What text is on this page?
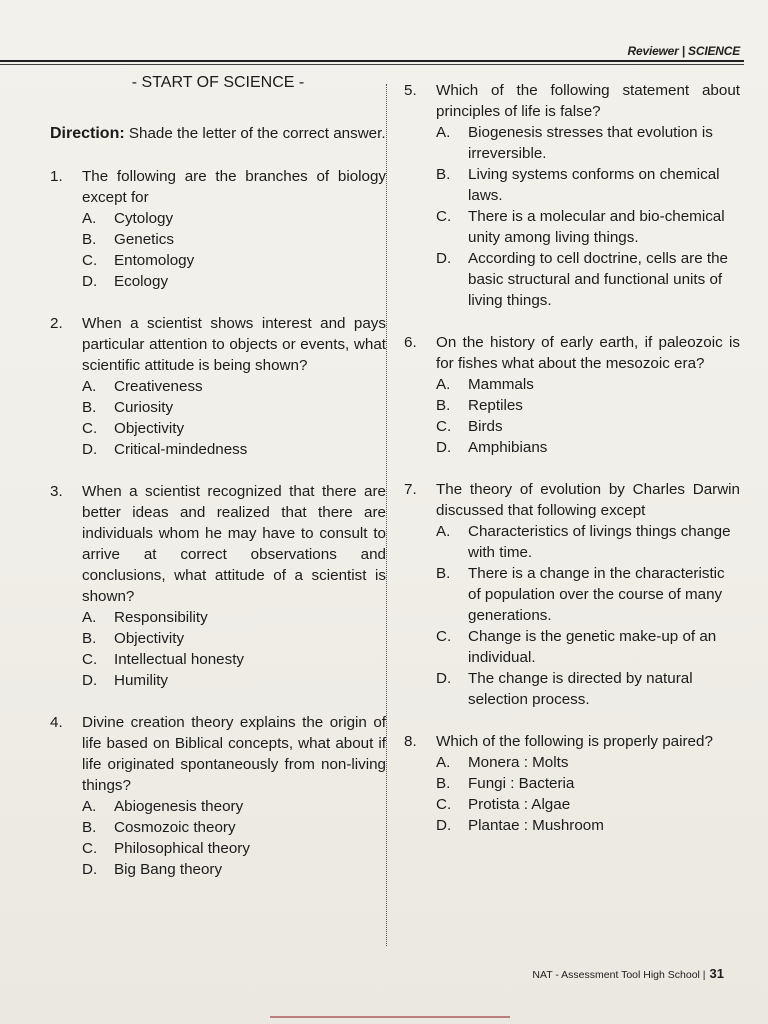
Reviewer | SCIENCE
- START OF SCIENCE -
Direction: Shade the letter of the correct answer.
1. The following are the branches of biology except for
A. Cytology
B. Genetics
C. Entomology
D. Ecology
2. When a scientist shows interest and pays particular attention to objects or events, what scientific attitude is being shown?
A. Creativeness
B. Curiosity
C. Objectivity
D. Critical-mindedness
3. When a scientist recognized that there are better ideas and realized that there are individuals whom he may have to consult to arrive at correct observations and conclusions, what attitude of a scientist is shown?
A. Responsibility
B. Objectivity
C. Intellectual honesty
D. Humility
4. Divine creation theory explains the origin of life based on Biblical concepts, what about if life originated spontaneously from non-living things?
A. Abiogenesis theory
B. Cosmozoic theory
C. Philosophical theory
D. Big Bang theory
5. Which of the following statement about principles of life is false?
A. Biogenesis stresses that evolution is irreversible.
B. Living systems conforms on chemical laws.
C. There is a molecular and bio-chemical unity among living things.
D. According to cell doctrine, cells are the basic structural and functional units of living things.
6. On the history of early earth, if paleozoic is for fishes what about the mesozoic era?
A. Mammals
B. Reptiles
C. Birds
D. Amphibians
7. The theory of evolution by Charles Darwin discussed that following except
A. Characteristics of livings things change with time.
B. There is a change in the characteristic of population over the course of many generations.
C. Change is the genetic make-up of an individual.
D. The change is directed by natural selection process.
8. Which of the following is properly paired?
A. Monera : Molts
B. Fungi : Bacteria
C. Protista : Algae
D. Plantae : Mushroom
NAT - Assessment Tool High School | 31
